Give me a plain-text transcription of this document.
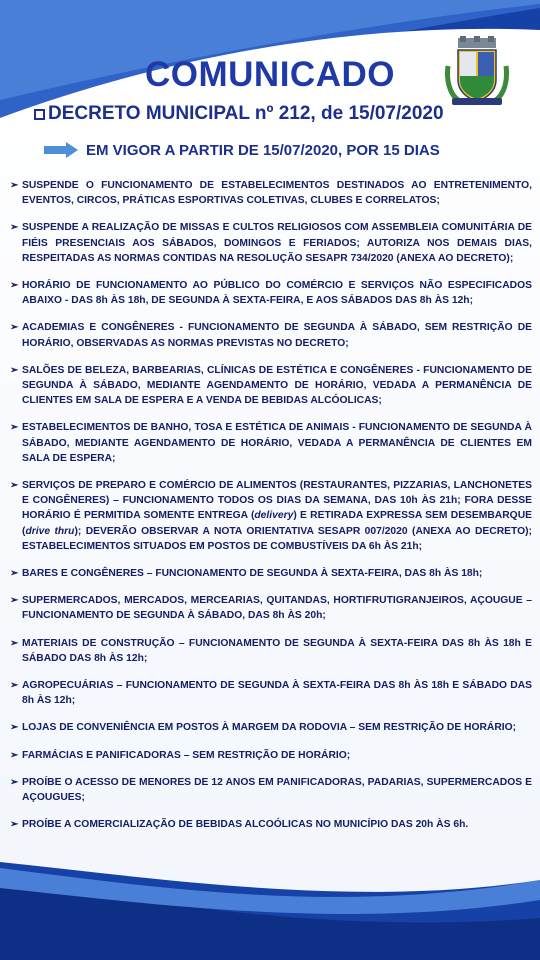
COMUNICADO
DECRETO MUNICIPAL nº 212, de 15/07/2020
EM VIGOR A PARTIR DE 15/07/2020, POR 15 DIAS
➢ SUSPENDE O FUNCIONAMENTO DE ESTABELECIMENTOS DESTINADOS AO ENTRETENIMENTO, EVENTOS, CIRCOS, PRÁTICAS ESPORTIVAS COLETIVAS, CLUBES E CORRELATOS;
➢ SUSPENDE A REALIZAÇÃO DE MISSAS E CULTOS RELIGIOSOS COM ASSEMBLEIA COMUNITÁRIA DE FIÉIS PRESENCIAIS AOS SÁBADOS, DOMINGOS E FERIADOS; AUTORIZA NOS DEMAIS DIAS, RESPEITADAS AS NORMAS CONTIDAS NA RESOLUÇÃO SESAPR 734/2020 (ANEXA AO DECRETO);
➢ HORÁRIO DE FUNCIONAMENTO AO PÚBLICO DO COMÉRCIO E SERVIÇOS NÃO ESPECIFICADOS ABAIXO - DAS 8h ÀS 18h, DE SEGUNDA À SEXTA-FEIRA, E AOS SÁBADOS DAS 8h ÀS 12h;
➢ ACADEMIAS E CONGÊNERES - FUNCIONAMENTO DE SEGUNDA À SÁBADO, SEM RESTRIÇÃO DE HORÁRIO, OBSERVADAS AS NORMAS PREVISTAS NO DECRETO;
➢ SALÕES DE BELEZA, BARBEARIAS, CLÍNICAS DE ESTÉTICA E CONGÊNERES - FUNCIONAMENTO DE SEGUNDA À SÁBADO, MEDIANTE AGENDAMENTO DE HORÁRIO, VEDADA A PERMANÊNCIA DE CLIENTES EM SALA DE ESPERA E A VENDA DE BEBIDAS ALCÓOLICAS;
➢ ESTABELECIMENTOS DE BANHO, TOSA E ESTÉTICA DE ANIMAIS - FUNCIONAMENTO DE SEGUNDA À SÁBADO, MEDIANTE AGENDAMENTO DE HORÁRIO, VEDADA A PERMANÊNCIA DE CLIENTES EM SALA DE ESPERA;
➢ SERVIÇOS DE PREPARO E COMÉRCIO DE ALIMENTOS (RESTAURANTES, PIZZARIAS, LANCHONETES E CONGÊNERES) – FUNCIONAMENTO TODOS OS DIAS DA SEMANA, DAS 10h ÀS 21h; FORA DESSE HORÁRIO É PERMITIDA SOMENTE ENTREGA (delivery) E RETIRADA EXPRESSA SEM DESEMBARQUE (drive thru); DEVERÃO OBSERVAR A NOTA ORIENTATIVA SESAPR 007/2020 (ANEXA AO DECRETO); ESTABELECIMENTOS SITUADOS EM POSTOS DE COMBUSTÍVEIS DA 6h ÀS 21h;
➢ BARES E CONGÊNERES – FUNCIONAMENTO DE SEGUNDA À SEXTA-FEIRA, DAS 8h ÀS 18h;
➢ SUPERMERCADOS, MERCADOS, MERCEARIAS, QUITANDAS, HORTIFRUTIGRANJEIROS, AÇOUGUE – FUNCIONAMENTO DE SEGUNDA À SÁBADO, DAS 8h ÀS 20h;
➢ MATERIAIS DE CONSTRUÇÃO – FUNCIONAMENTO DE SEGUNDA À SEXTA-FEIRA DAS 8h ÀS 18h E SÁBADO DAS 8h ÀS 12h;
➢ AGROPECUÁRIAS – FUNCIONAMENTO DE SEGUNDA À SEXTA-FEIRA DAS 8h ÀS 18h E SÁBADO DAS 8h ÀS 12h;
➢ LOJAS DE CONVENIÊNCIA EM POSTOS À MARGEM DA RODOVIA – SEM RESTRIÇÃO DE HORÁRIO;
➢ FARMÁCIAS E PANIFICADORAS – SEM RESTRIÇÃO DE HORÁRIO;
➢ PROÍBE O ACESSO DE MENORES DE 12 ANOS EM PANIFICADORAS, PADARIAS, SUPERMERCADOS E AÇOUGUES;
➢ PROÍBE A COMERCIALIZAÇÃO DE BEBIDAS ALCOÓLICAS NO MUNICÍPIO DAS 20h ÀS 6h.
